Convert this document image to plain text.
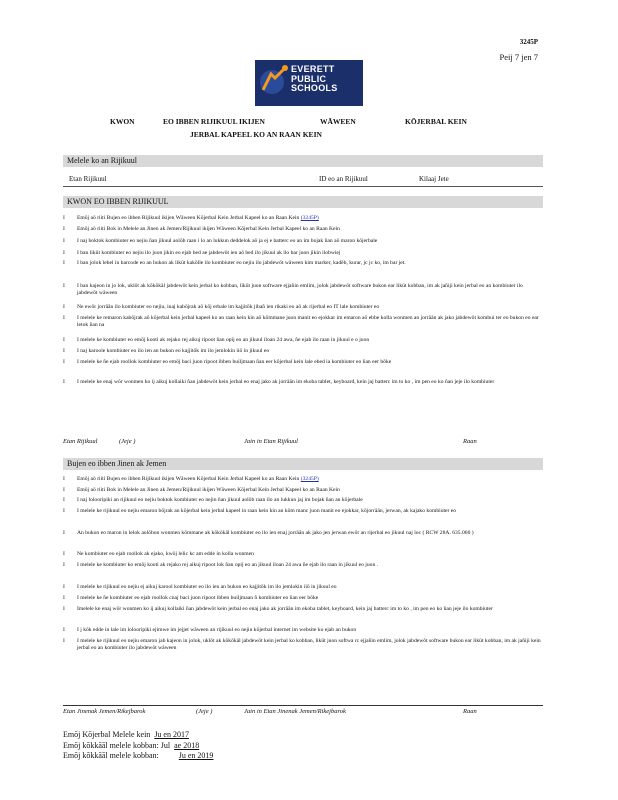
3245P
Peij 7 jen 7
EVERETT
PUBLIC
SCHOOLS
KWON	EO IBBEN RIJIKUUL IKIJEN	WĀWEEN	KŌJERBAL KEIN
JERBAL KAPEEL KO AN RAAN KEIN
Melele ko an Rijikuul
Etan Rijikuul	ID eo an Rijikuul	Kilaaj Jete
KWON EO IBBEN RIJIKUUL
I Emōj aō riiti Bujen eo ibben Rijikuul ikijen Wāween Kōjerbal Kein Jerbal Kapeel ko an Raan Kein (3245P)
I Emōj aō riiti Bok in Melele an Jinen ak Jemen/Rijikuul ikijen Wāween Kōjerbal Kein Jerbal Kapeel ko an Raan Kein
I I naj boktok kombiuter eo nejiu ñan jikuul aolōb raan i lo an lukkun deddelok aō ja ej e batterc eo an im bojak ñan aō maron kōjerbale
I I ban likūt kombiuter eo nejiu ilo juon jikin eo ejab bed ae jabdewōt ien aō bed ilo jikuul ak ilo bar juon jikin ilobwiej
I I ban jolok lebel in barcode eo an bukon ak likūt kakōlle ilo kombiuter eo nejiu ilo jabdewōt wāween kim marker, kadēb, kurar, jc jc ko, im bar jet.
I I ban kajeon in jo lok, uklōt ak kōkōkāl jabdewōt kein jerbal ko kobban, likūt juon software ejjañin emlim, jolok jabdewōt software bukon ear likūt kobban, im ak jañiji kein jerbal eo an kombiuter ilo jabdewōt wāween
I Ne ewōr jorrāān ilo kombiuter eo nejiu, inaj kaböjrak aō kōj erbale im kajjitōk jibañ ien rikaki eo aō ak rijerbal eo IT lale kombiuter eo
I I melele ke remaron kabōjrak aō kōjerbal kein jerbal kapeel ko an raan kein kin aō kōmmane juon manit eo ejokkar im emaron aō ebbe kolla wonmen an jorrāān ak jako jabdewōt kombui ter eo bukon eo ear letok ñan na
I I melele ke kombiuter eo emōj kooti ak rejako rej aikuj ripoot ñan opij eo an jikuul iloan 24 awa, ñe ejab ilo raan in jikuul e o juon
I I naj karoole kombiuter eo ilo ien an bukon eo kajjitōk im ilo jemlokin iiō in jikuul eo
I I melele ke ñe ejab roollok kombiuter eo emōj baci juon ripoot ibben builjmaan ñan eer kōjerbal kein lale ebed ia kombiuter eo ñan eer bōke
I I melele ke enaj wōr wonmen ko ij aikuj kollaiki ñan jabdewōt kein jerbal eo enaj jako ak jorrāān im ekoba tablet, keyboard, kein jaj batterc im to ko , im pen eo ko ñan jeje ilo kombiuter
Etan Rijikuul	(Jeje )	Jain in Etan Rijikuul	Raan
Bujen eo ibben Jinen ak Jemen
I Emōj aō riiti Bujen eo ibben Rijikuul ikijen Wāween Kōjerbal Kein Jerbal Kapeel ko an Raan Kein (3245P)
I Emōj aō riiti Bok in Melele an Jinen ak Jemen/Rijikuul ikijen Wāween Kōjerbal Kein Jerbal Kapeel ko an Raan Kein
I I naj lolooripiki an rijikuul eo nejiu boktok kombiuter eo nejin ñan jikuul aolōb raan ilo an lukkun jaj im bojak ñan an kōjerbale
I I melele ke rijikuul eo nejiu emaron bōjrak an kōjerbal kein jerbal kapeel in raan kein kin an kōm manc juon manit eo ejokkar, kōjorrāān, jerwan, ak kajako kombiuter eo
I An bukon eo maron in lelok aolōbon wonmen kōmmane ak kōkōkāl kombiuter eo ilo ien enaj jorrāān ak jako jen jerwan ewōr an rijerbal eo jikuul naj loc ( RCW 28A. 635.060 )
I Ne kombiuter eo ejab roollok ak ejako, kwōj lelic kc am edde in kolla wonmen
I I melele ke kombiuter ko emōj kooti ak rejako rej aikuj ripoot lok ñan opij eo an jikuul iloan 24 awa ñe ejab ilo raan in jikuul eo juon .
I I melele ke rijikuul eo nejiu ej aikuj karool kombiuter eo ilo ien an bukon eo kajjitōk im ilo jemlokin iiō in jikuul eo
I I melele ke ñe kombiuter eo ejab roollok cnaj baci juon ripoot ibben builjmaan ñ kombiuter eo ñan eer bōke
I Imelele ke enaj wōr wonmen ko ij aikuj kollaiki ñan jabdewōt kein jerbal eo enaj jako ak jorrāān im ekoba tablet, keyboard, kein jaj batterc im to ko , im pen eo ko ñan jeje ilo kombiuter
I I j kōk edde in lale im lolooripiki ejimwe im jejjet wāween an rijikuul eo nejiu kōjerbal internet im website ko ejab an bukon
I I melele ke rijikuul eo nejiu emaron jab kajeon in jolok, uklōt ak kōkōkāl jabdewōt kein jerbal ko kobban, likūt juon softwa rc ejjañin emlim, jolok jabdewōt software bukon ear likūt kobban, im ak jañiji kein jerbal eo an kombiuter ilo jabdewōt wāween
Etan Jinenak Jemen/Rikejbarok	(Jeje )	Jain in Etan Jinenak Jemen/Rikejbarok	Raan
Emōj Kōjerbal Melele kein Ju en 2017
Emōj kōkkāāl melele kobban: Jul ae 2018
Emōj kōkkāāl melele kobban:	Ju en 2019
